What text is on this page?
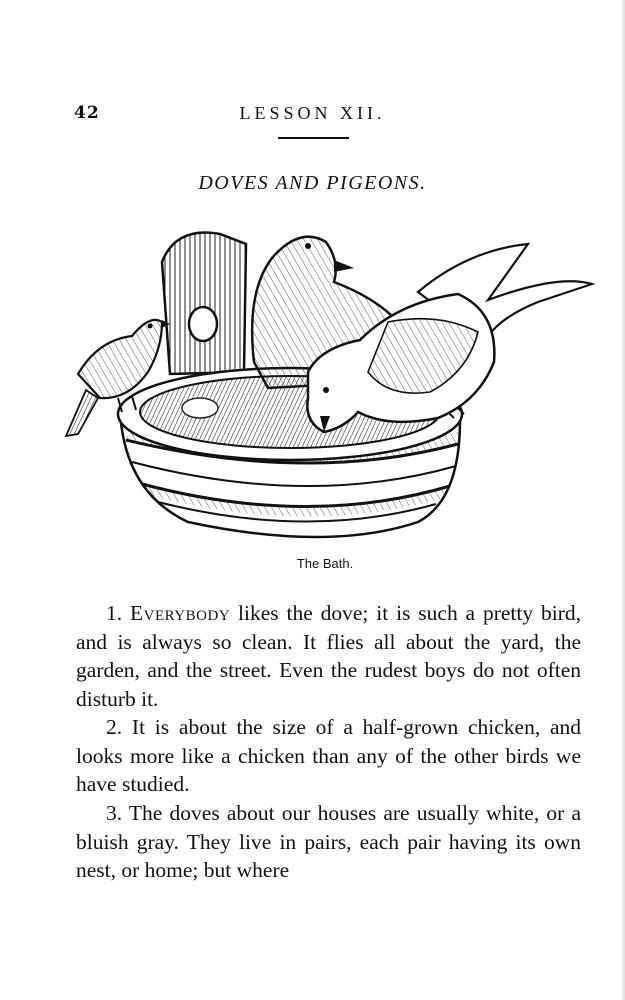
42	LESSON XII.
DOVES AND PIGEONS.
The Bath.

1. Everybody likes the dove; it is such a pretty bird, and is always so clean. It flies all about the yard, the garden, and the street. Even the rudest boys do not often disturb it.

2. It is about the size of a half-grown chicken, and looks more like a chicken than any of the other birds we have studied.

3. The doves about our houses are usually white, or a bluish gray. They live in pairs, each pair having its own nest, or home; but where
